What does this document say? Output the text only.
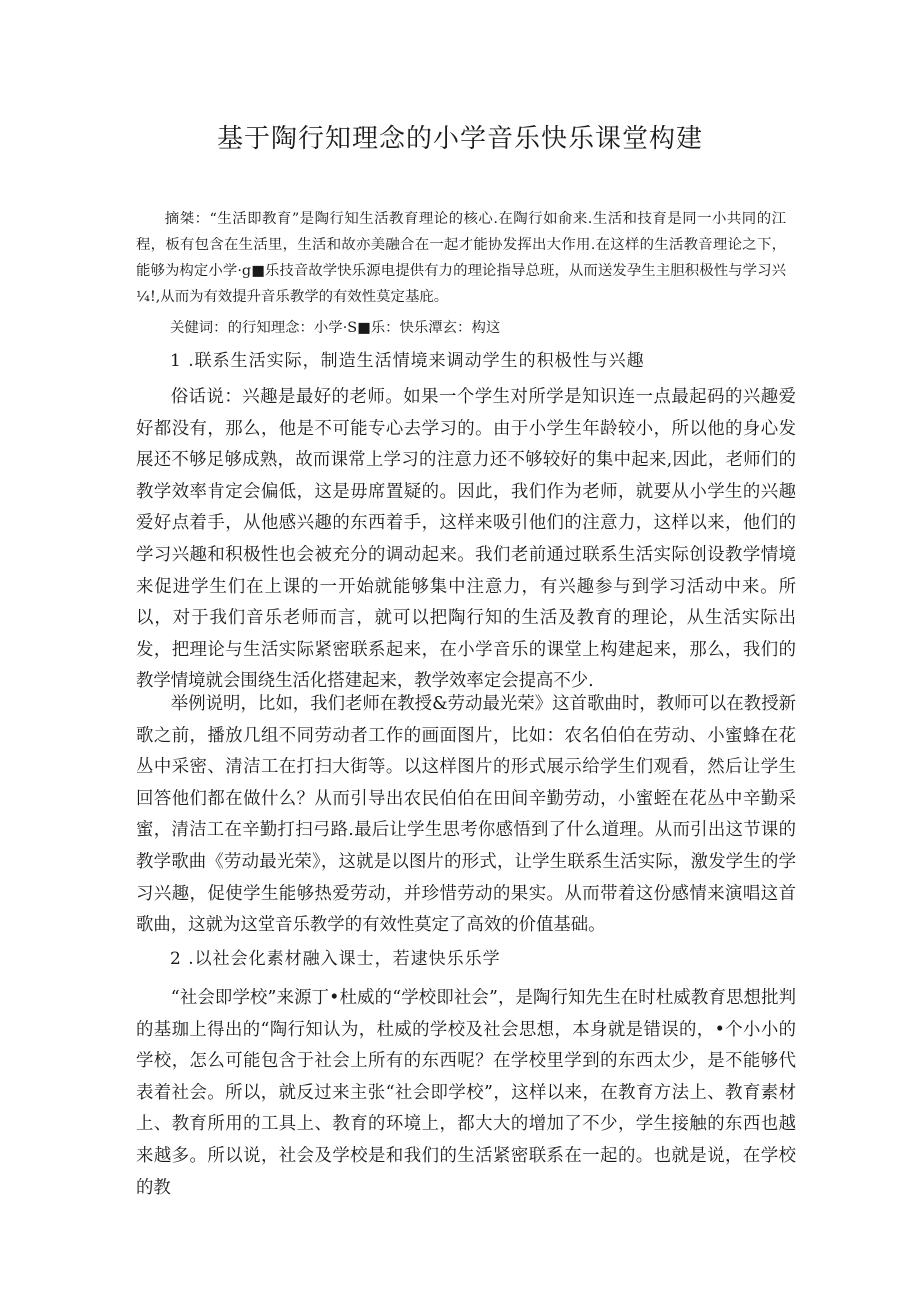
基于陶行知理念的小学音乐快乐课堂构建

摘桀：“生活即教育”是陶行知生活教育理论的核心.在陶行如俞来.生活和技育是同一小共同的江程，板有包含在生活里，生活和故亦美融合在一起才能协发挥出大作用.在这样的生活教音理论之下，能够为构定小学·g■乐技音故学快乐源电提供有力的理论指导总班，从而送发孕生主胆积极性与学习兴¼!,从而为有效提升音乐教学的有效性莫定基庇。

关健词：的行知理念：小学·S■乐：快乐潭玄：构这

1 .联系生活实际，制造生活情境来调动学生的积极性与兴趣

俗话说：兴趣是最好的老师。如果一个学生对所学是知识连一点最起码的兴趣爱好都没有，那么，他是不可能专心去学习的。由于小学生年龄较小，所以他的身心发展还不够足够成熟，故而课常上学习的注意力还不够较好的集中起来,因此，老师们的教学效率肯定会偏低，这是毋席置疑的。因此，我们作为老师，就要从小学生的兴趣爱好点着手，从他感兴趣的东西着手，这样来吸引他们的注意力，这样以来，他们的学习兴趣和积极性也会被充分的调动起来。我们老前通过联系生活实际创设教学情境来促进学生们在上课的一开始就能够集中注意力，有兴趣参与到学习活动中来。所以，对于我们音乐老师而言，就可以把陶行知的生活及教育的理论，从生活实际出发，把理论与生活实际紧密联系起来，在小学音乐的课堂上构建起来，那么，我们的教学情境就会围绕生活化搭建起来，教学效率定会提高不少.

举例说明，比如，我们老师在教授&劳动最光荣》这首歌曲时，教师可以在教授新歌之前，播放几组不同劳动者工作的画面图片，比如：农名伯伯在劳动、小蜜蜂在花丛中采密、清洁工在打扫大街等。以这样图片的形式展示给学生们观看，然后让学生回答他们都在做什么？从而引导出农民伯伯在田间辛勤劳动，小蜜蛭在花丛中辛勤采蜜，清洁工在辛勤打扫弓路.最后让学生思考你感悟到了什么道理。从而引出这节课的教学歌曲《劳动最光荣》，这就是以图片的形式，让学生联系生活实际，激发学生的学习兴趣，促使学生能够热爱劳动，并珍惜劳动的果实。从而带着这份感情来演唱这首歌曲，这就为这堂音乐教学的有效性莫定了高效的价值基础。

2 .以社会化素材融入课士，若逮快乐乐学

“社会即学校”来源丁•杜威的“学校即社会”，是陶行知先生在时杜威教育思想批判的基珈上得出的“陶行知认为，杜威的学校及社会思想，本身就是错误的，•个小小的学校，怎么可能包含于社会上所有的东西呢？在学校里学到的东西太少，是不能够代表着社会。所以，就反过来主张“社会即学校”，这样以来，在教育方法上、教育素材上、教育所用的工具上、教育的环境上，都大大的增加了不少，学生接触的东西也越来越多。所以说，社会及学校是和我们的生活紧密联系在一起的。也就是说，在学校的教
